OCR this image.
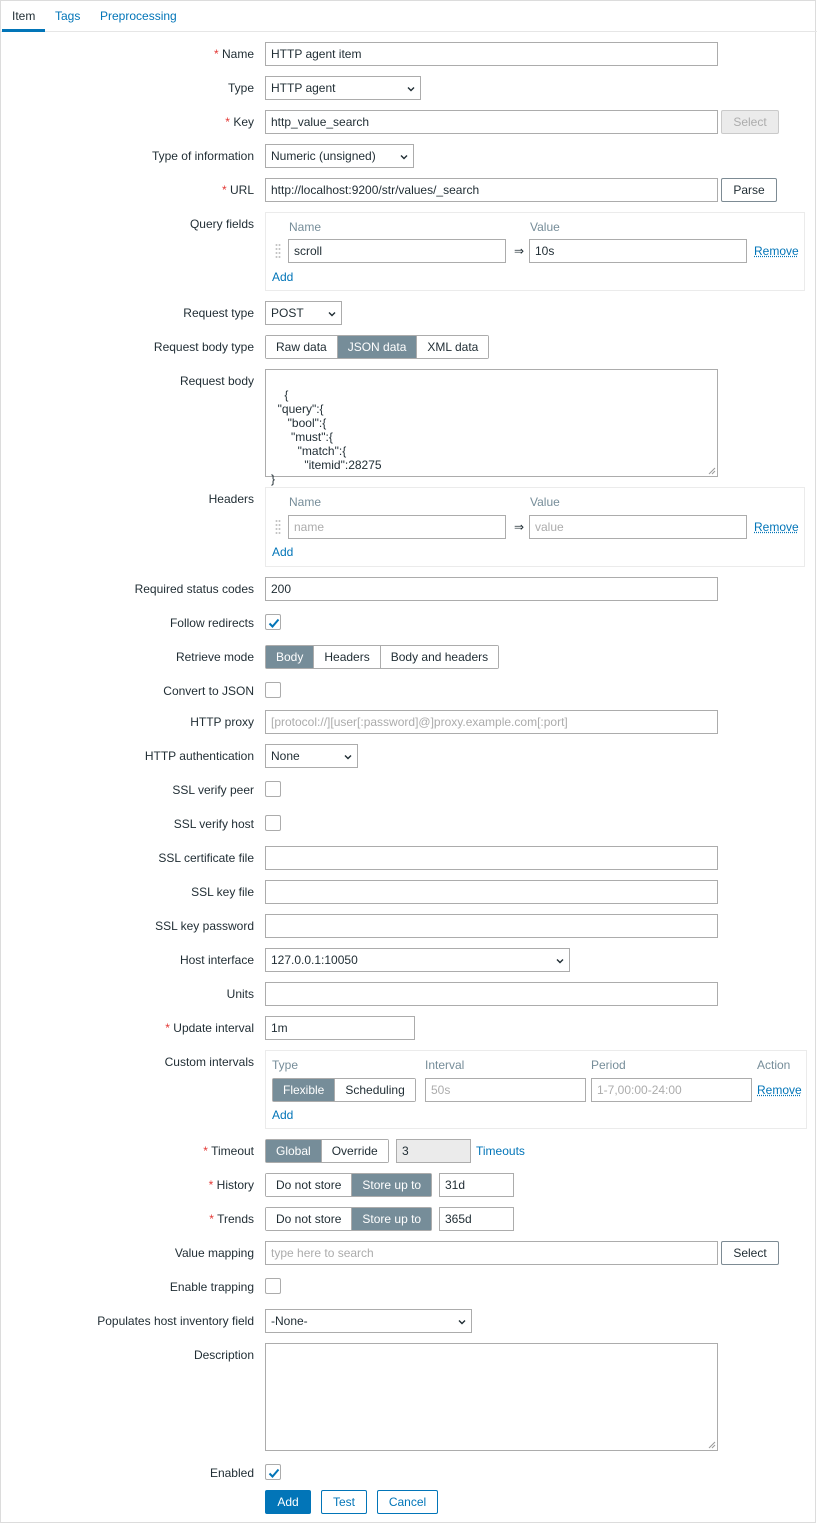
Item	Tags	Preprocessing
* Name	HTTP agent item
Type	HTTP agent
* Key	http_value_search	Select
Type of information	Numeric (unsigned)
* URL	http://localhost:9200/str/values/_search	Parse
Query fields	Name	Value
scroll	⇒ 10s	Remove
Add
Request type	POST
Request body type	Raw data	JSON data	XML data
Request body

{
"query":{
"bool":{
"must":{
"match":{
"itemid":28275
}

Headers	Name	Value
name	⇒ value	Remove
Add
Required status codes	200
Follow redirects
Retrieve mode	Body	Headers	Body and headers
Convert to JSON
HTTP proxy	[protocol://][user[:password]@]proxy.example.com[:port]
HTTP authentication	None
SSL verify peer
SSL verify host
SSL certificate file
SSL key file
SSL key password
Host interface	127.0.0.1:10050
Units
* Update interval	1m
Custom intervals Type	Interval	Period	Action
Flexible	Scheduling	50s	1-7,00:00-24:00	Remove
Add
* Timeout	Global	Override	3	Timeouts
* History	Do not store	Store up to	31d
* Trends	Do not store	Store up to	365d
Value mapping	type here to search	Select
Enable trapping
Populates host inventory field	-None-
Description

Enabled
Add	Test	Cancel
